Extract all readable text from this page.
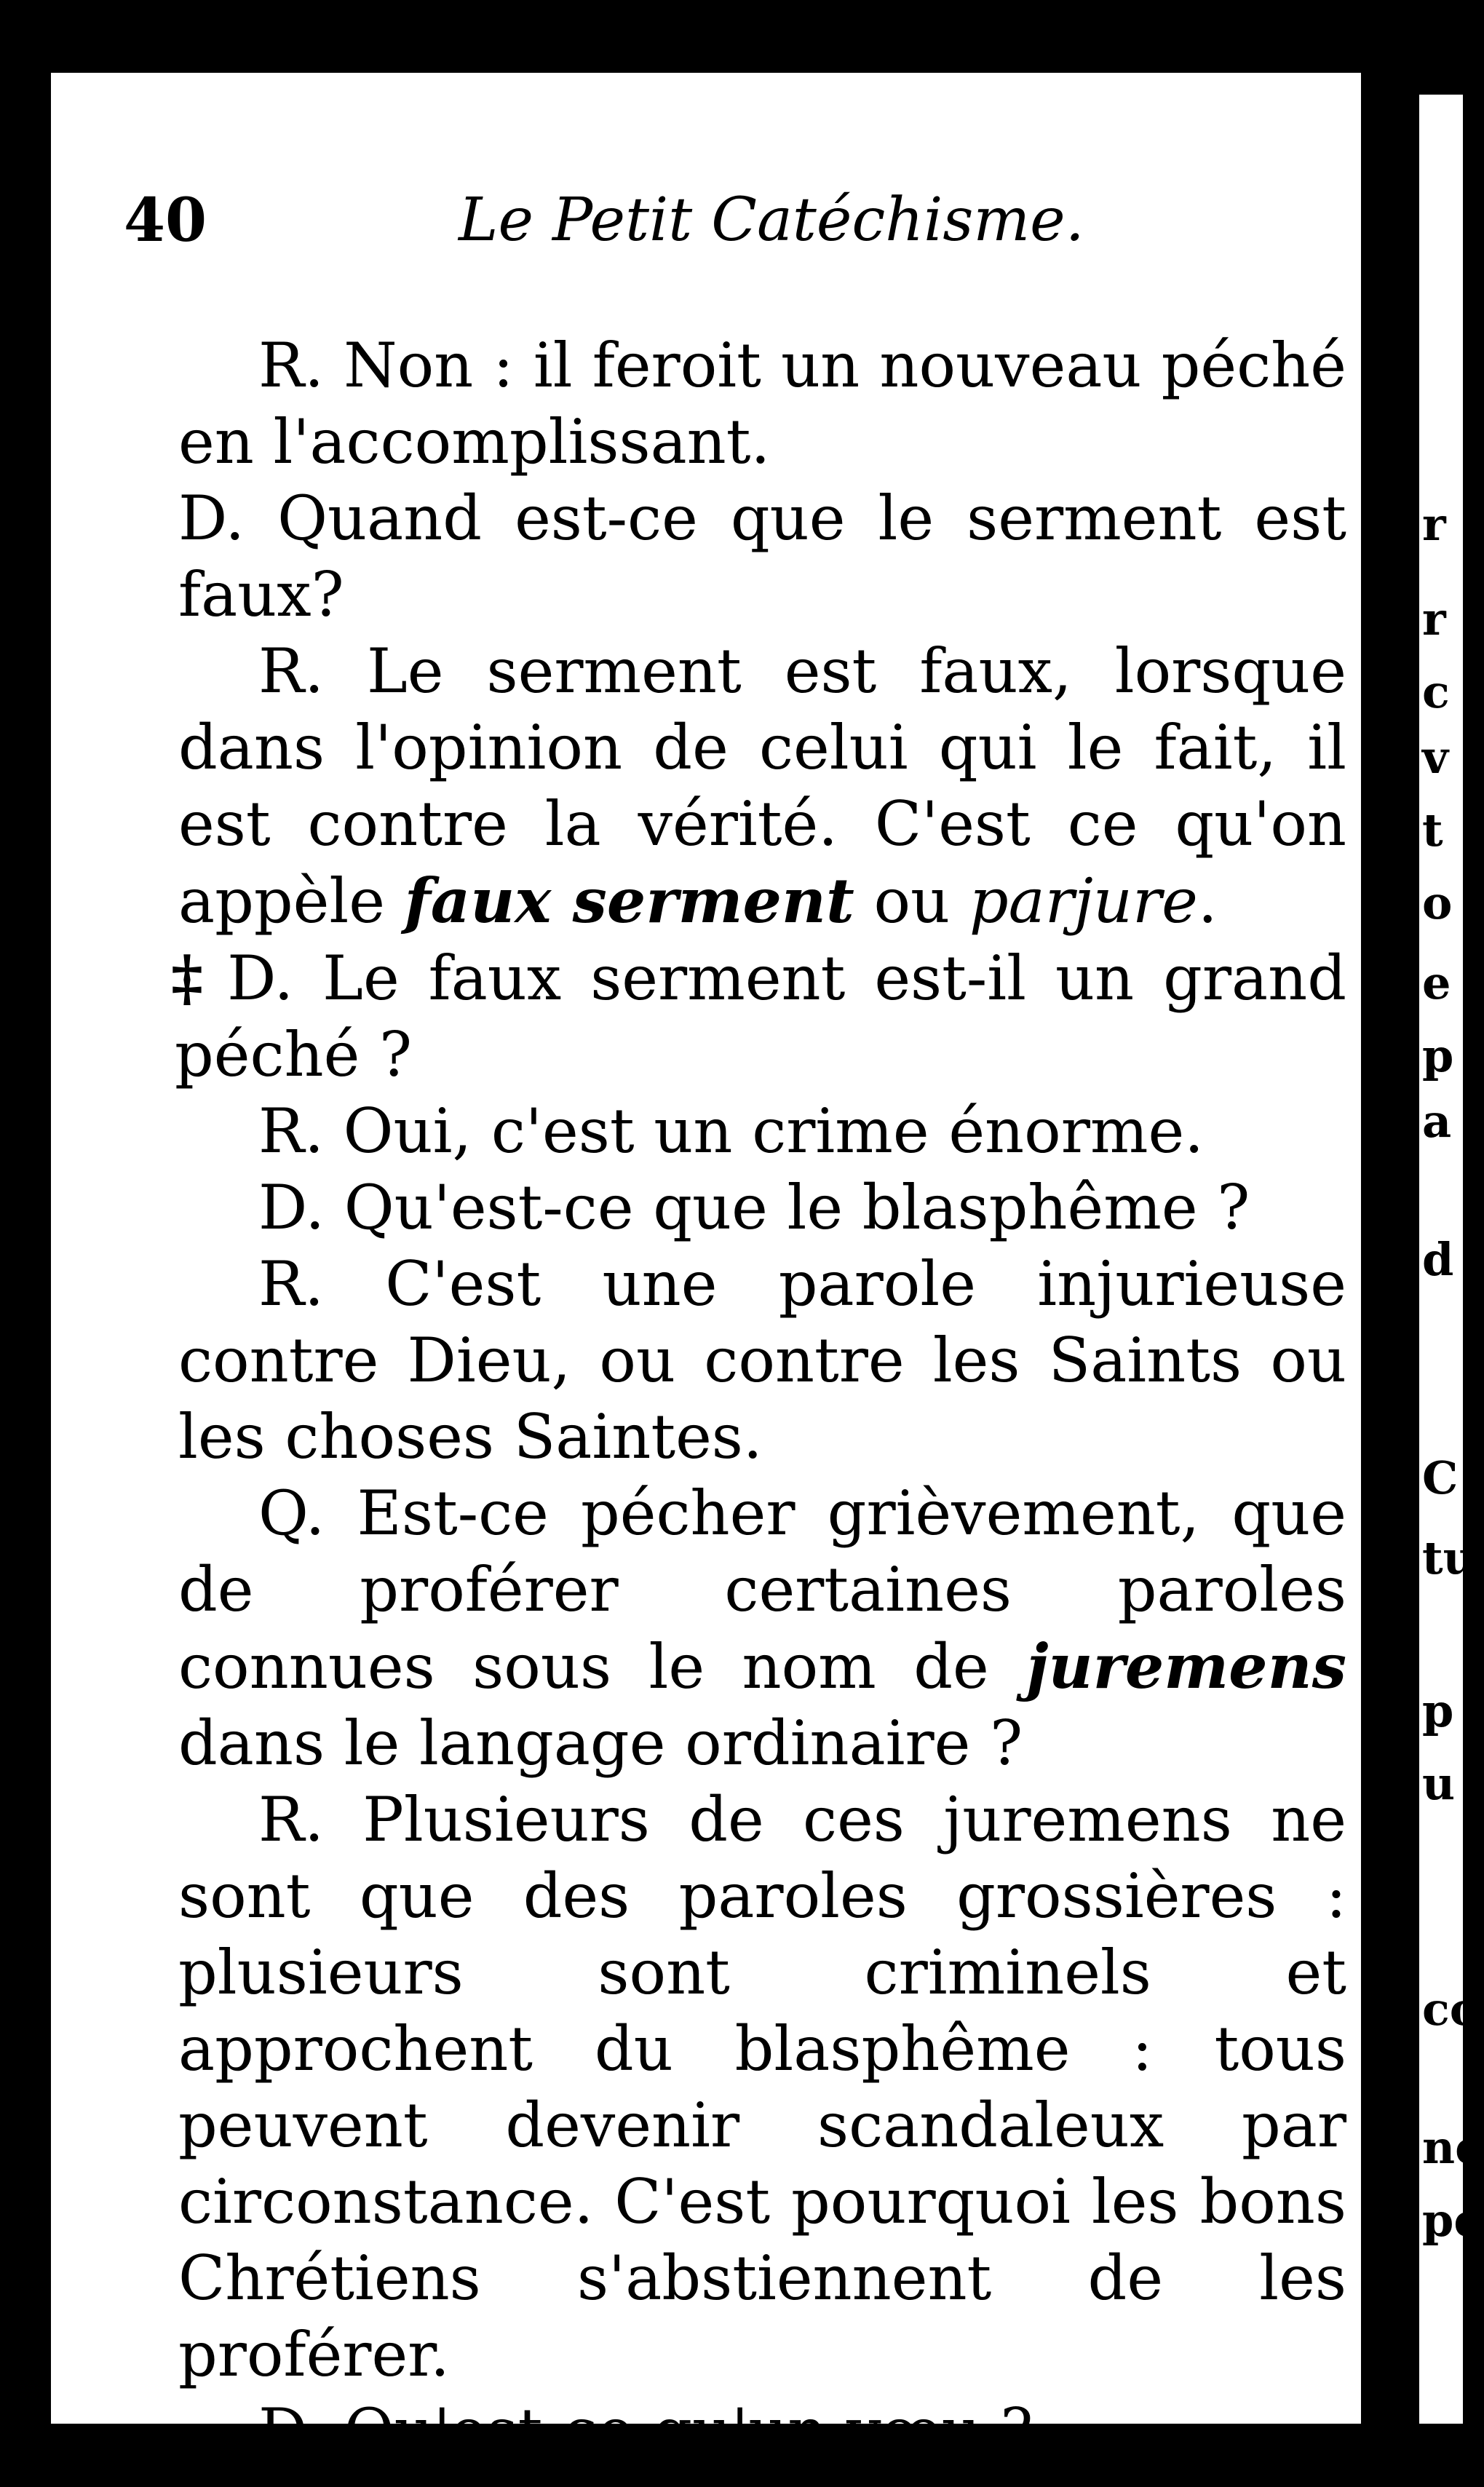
r
r
c
v
t
o
e
p
a
d
C
tu
p
u
co
ne
pe
40	Le Petit Catéchisme.

R. Non : il feroit un nouveau péché en l'accomplissant.

D. Quand est-ce que le serment est faux?

R. Le serment est faux, lorsque dans l'opinion de celui qui le fait, il est contre la vérité. C'est ce qu'on appèle faux serment ou parjure.

‡ D. Le faux serment est-il un grand péché ?

R. Oui, c'est un crime énorme.

D. Qu'est-ce que le blasphême ?

R. C'est une parole injurieuse contre Dieu, ou contre les Saints ou les choses Saintes.

Q. Est-ce pécher grièvement, que de proférer certaines paroles connues sous le nom de juremens dans le langage ordinaire ?

R. Plusieurs de ces juremens ne sont que des paroles grossières : plusieurs sont criminels et approchent du blasphême : tous peuvent devenir scandaleux par circonstance. C'est pourquoi les bons Chrétiens s'abstiennent de les proférer.

D. Qu'est-ce qu'un vœu ?
